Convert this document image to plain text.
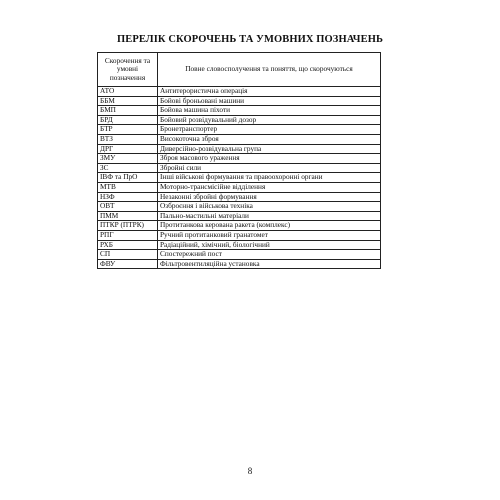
ПЕРЕЛІК СКОРОЧЕНЬ ТА УМОВНИХ ПОЗНАЧЕНЬ
Скорочення та умовні позначення	Повне словосполучення та поняття, що скорочуються
АТО	Антитерористична операція
ББМ	Бойові броньовані машини
БМП	Бойова машина піхоти
БРД	Бойовий розвідувальний дозор
БТР	Бронетранспортер
ВТЗ	Високоточна зброя
ДРГ	Диверсійно-розвідувальна група
ЗМУ	Зброя масового ураження
ЗС	Збройні сили
ІВФ та ПрО	Інші військові формування та правоохоронні органи
МТВ	Моторно-трансмісійне відділення
НЗФ	Незаконні збройні формування
ОВТ	Озброєння і військова техніка
ПММ	Пально-мастильні матеріали
ПТКР (ПТРК)	Протитанкова керована ракета (комплекс)
РПГ	Ручний протитанковий гранатомет
РХБ	Радіаційний, хімічний, біологічний
СП	Спостережний пост
ФВУ	Фільтровентиляційна установка
8
